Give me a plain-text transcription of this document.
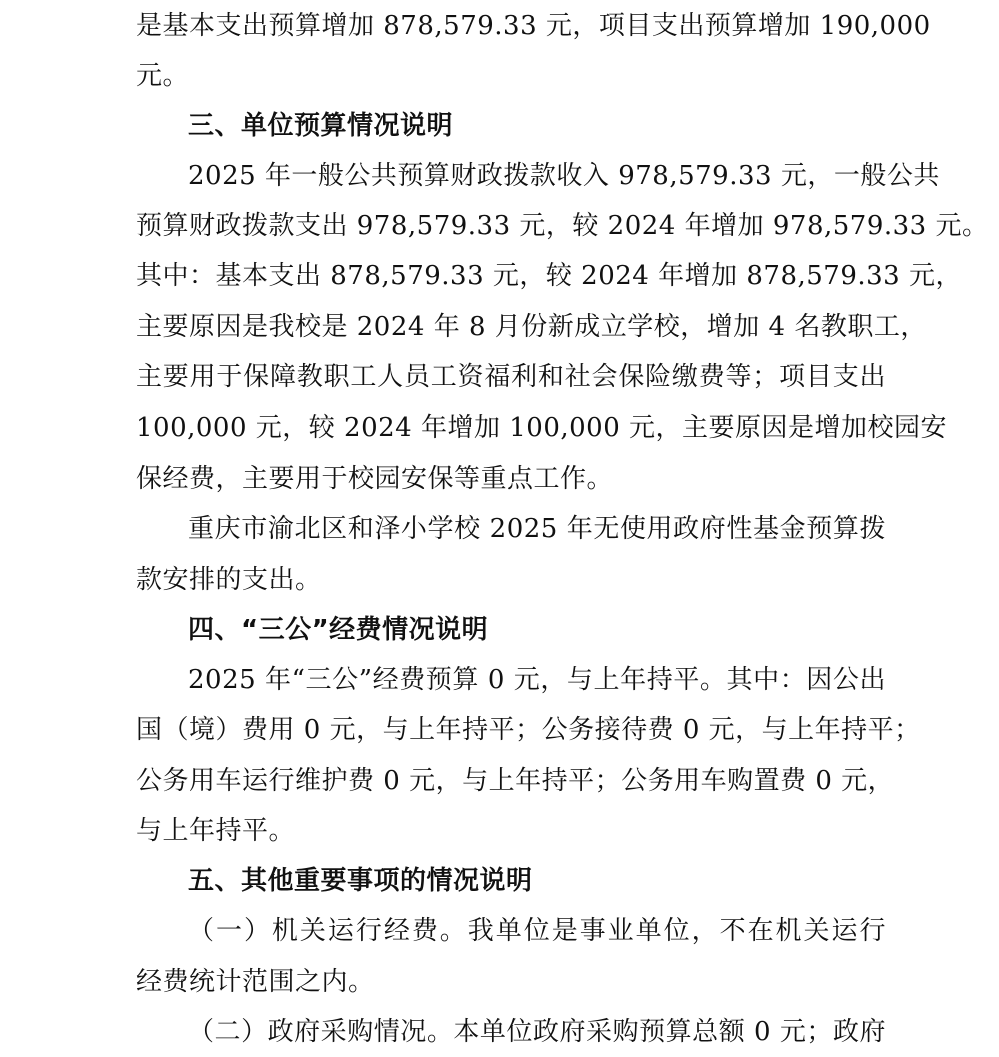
是基本支出预算增加 878,579.33 元，项目支出预算增加 190,000
元。
三、单位预算情况说明
2025 年一般公共预算财政拨款收入 978,579.33 元，一般公共
预算财政拨款支出 978,579.33 元，较 2024 年增加 978,579.33 元。
其中：基本支出 878,579.33 元，较 2024 年增加 878,579.33 元，
主要原因是我校是 2024 年 8 月份新成立学校，增加 4 名教职工，
主要用于保障教职工人员工资福利和社会保险缴费等；项目支出
100,000 元，较 2024 年增加 100,000 元，主要原因是增加校园安
保经费，主要用于校园安保等重点工作。
重庆市渝北区和泽小学校 2025 年无使用政府性基金预算拨
款安排的支出。
四、“三公”经费情况说明
2025 年“三公”经费预算 0 元，与上年持平。其中：因公出
国（境）费用 0 元，与上年持平；公务接待费 0 元，与上年持平；
公务用车运行维护费 0 元，与上年持平；公务用车购置费 0 元，
与上年持平。
五、其他重要事项的情况说明
（一）机关运行经费。我单位是事业单位，不在机关运行
经费统计范围之内。
（二）政府采购情况。本单位政府采购预算总额 0 元；政府
